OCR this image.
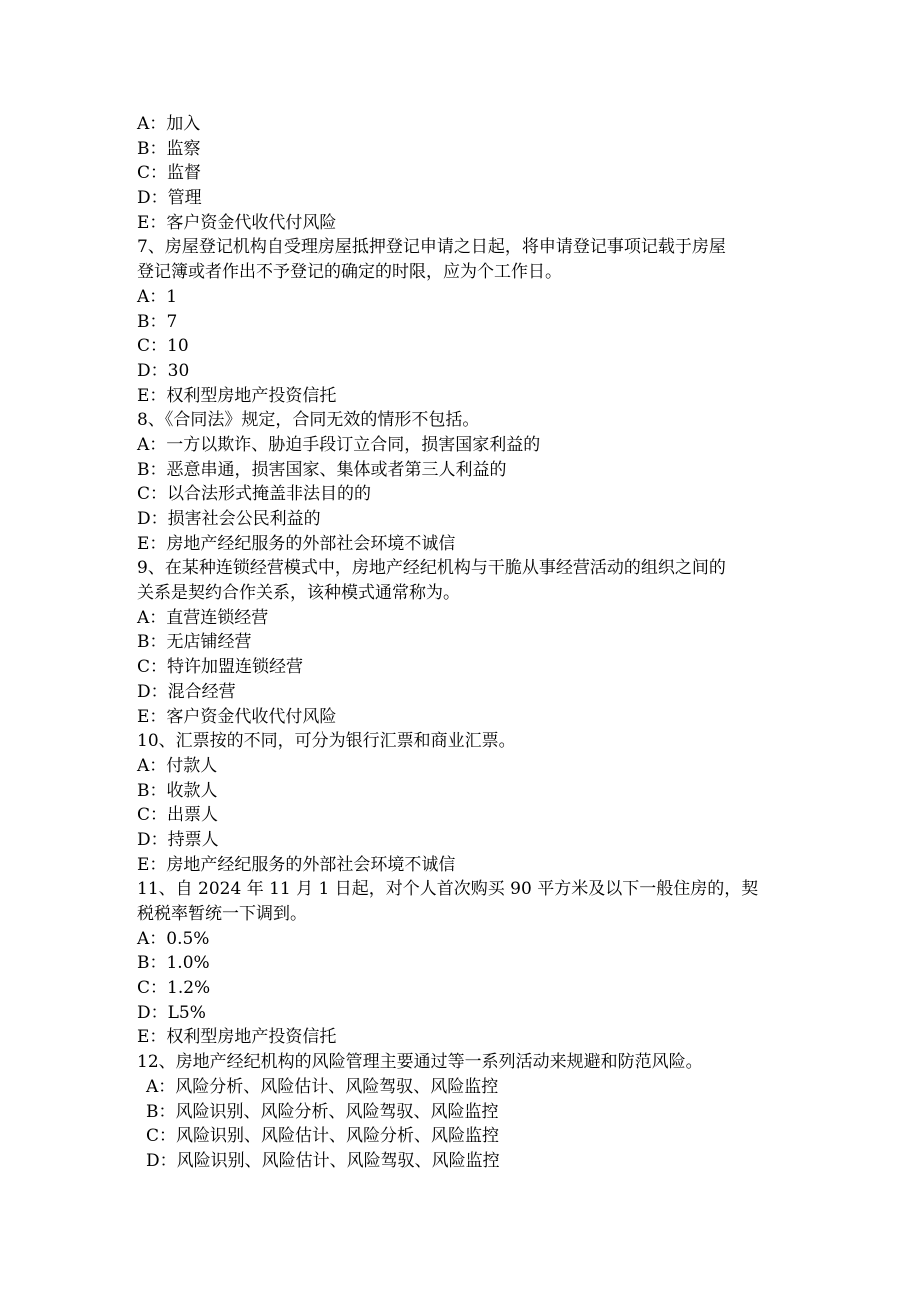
A：加入
B：监察
C：监督
D：管理
E：客户资金代收代付风险
7、房屋登记机构自受理房屋抵押登记申请之日起，将申请登记事项记载于房屋
登记簿或者作出不予登记的确定的时限，应为个工作日。
A：1
B：7
C：10
D：30
E：权利型房地产投资信托
8、《合同法》规定，合同无效的情形不包括。
A：一方以欺诈、胁迫手段订立合同，损害国家利益的
B：恶意串通，损害国家、集体或者第三人利益的
C：以合法形式掩盖非法目的的
D：损害社会公民利益的
E：房地产经纪服务的外部社会环境不诚信
9、在某种连锁经营模式中，房地产经纪机构与干脆从事经营活动的组织之间的
关系是契约合作关系，该种模式通常称为。
A：直营连锁经营
B：无店铺经营
C：特许加盟连锁经营
D：混合经营
E：客户资金代收代付风险
10、汇票按的不同，可分为银行汇票和商业汇票。
A：付款人
B：收款人
C：出票人
D：持票人
E：房地产经纪服务的外部社会环境不诚信
11、自 2024 年 11 月 1 日起，对个人首次购买 90 平方米及以下一般住房的，契
税税率暂统一下调到。
A：0.5%
B：1.0%
C：1.2%
D：L5%
E：权利型房地产投资信托
12、房地产经纪机构的风险管理主要通过等一系列活动来规避和防范风险。
A：风险分析、风险估计、风险驾驭、风险监控
B：风险识别、风险分析、风险驾驭、风险监控
C：风险识别、风险估计、风险分析、风险监控
D：风险识别、风险估计、风险驾驭、风险监控
